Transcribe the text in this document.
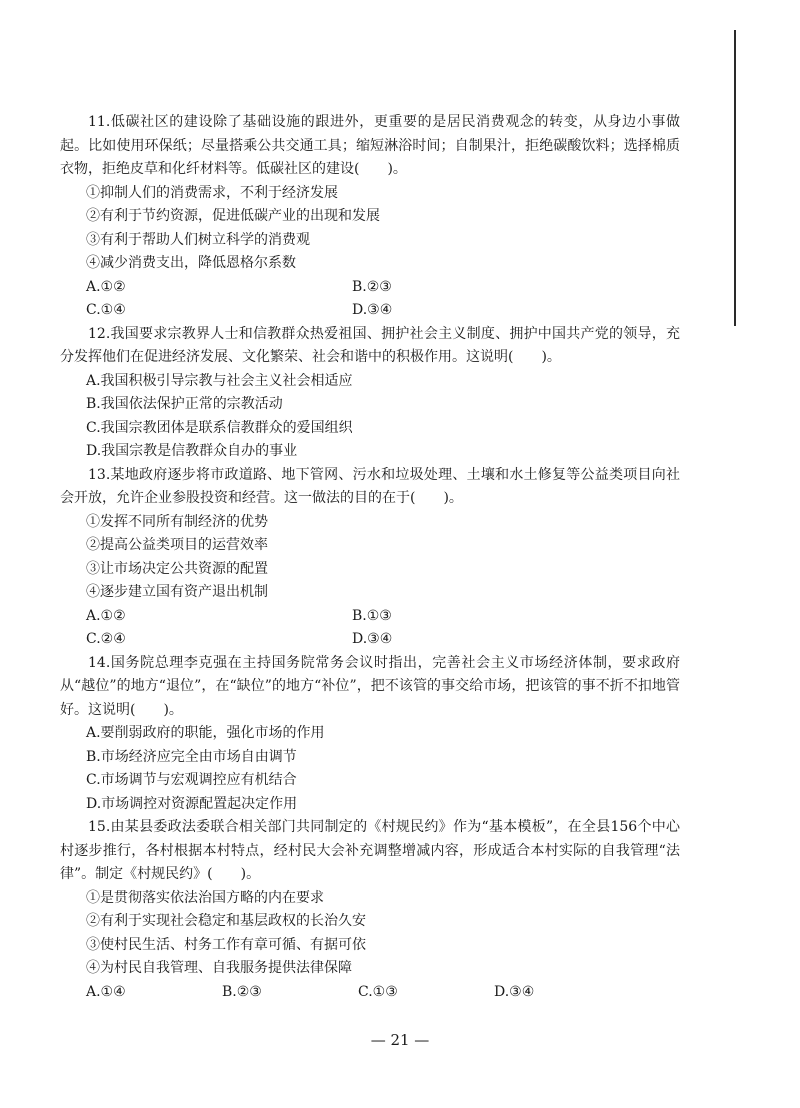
11.低碳社区的建设除了基础设施的跟进外，更重要的是居民消费观念的转变，从身边小事做起。比如使用环保纸；尽量搭乘公共交通工具；缩短淋浴时间；自制果汁，拒绝碳酸饮料；选择棉质衣物，拒绝皮草和化纤材料等。低碳社区的建设(　　)。

①抑制人们的消费需求，不利于经济发展

②有利于节约资源，促进低碳产业的出现和发展

③有利于帮助人们树立科学的消费观

④减少消费支出，降低恩格尔系数

A.①②	B.②③
C.①④	D.③④

12.我国要求宗教界人士和信教群众热爱祖国、拥护社会主义制度、拥护中国共产党的领导，充分发挥他们在促进经济发展、文化繁荣、社会和谐中的积极作用。这说明(　　)。

A.我国积极引导宗教与社会主义社会相适应

B.我国依法保护正常的宗教活动

C.我国宗教团体是联系信教群众的爱国组织

D.我国宗教是信教群众自办的事业

13.某地政府逐步将市政道路、地下管网、污水和垃圾处理、土壤和水土修复等公益类项目向社会开放，允许企业参股投资和经营。这一做法的目的在于(　　)。

①发挥不同所有制经济的优势

②提高公益类项目的运营效率

③让市场决定公共资源的配置

④逐步建立国有资产退出机制

A.①②	B.①③
C.②④	D.③④

14.国务院总理李克强在主持国务院常务会议时指出，完善社会主义市场经济体制，要求政府从“越位”的地方“退位”，在“缺位”的地方“补位”，把不该管的事交给市场，把该管的事不折不扣地管好。这说明(　　)。

A.要削弱政府的职能，强化市场的作用

B.市场经济应完全由市场自由调节

C.市场调节与宏观调控应有机结合

D.市场调控对资源配置起决定作用

15.由某县委政法委联合相关部门共同制定的《村规民约》作为“基本模板”，在全县156个中心村逐步推行，各村根据本村特点，经村民大会补充调整增减内容，形成适合本村实际的自我管理“法律”。制定《村规民约》(　　)。

①是贯彻落实依法治国方略的内在要求

②有利于实现社会稳定和基层政权的长治久安

③使村民生活、村务工作有章可循、有据可依

④为村民自我管理、自我服务提供法律保障

A.①④	B.②③	C.①③	D.③④
— 21 —
